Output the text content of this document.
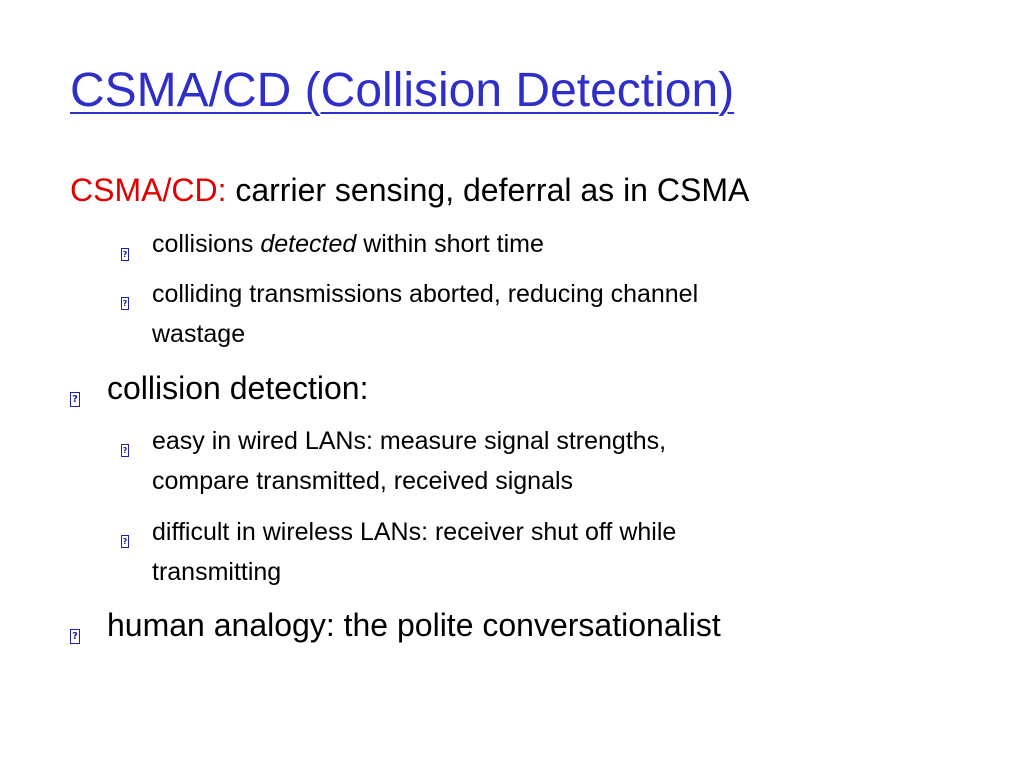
CSMA/CD (Collision Detection)
CSMA/CD: carrier sensing, deferral as in CSMA
? collisions detected within short time
? colliding transmissions aborted, reducing channel
wastage
? collision detection:
? easy in wired LANs: measure signal strengths,
compare transmitted, received signals
? difficult in wireless LANs: receiver shut off while
transmitting
? human analogy: the polite conversationalist
